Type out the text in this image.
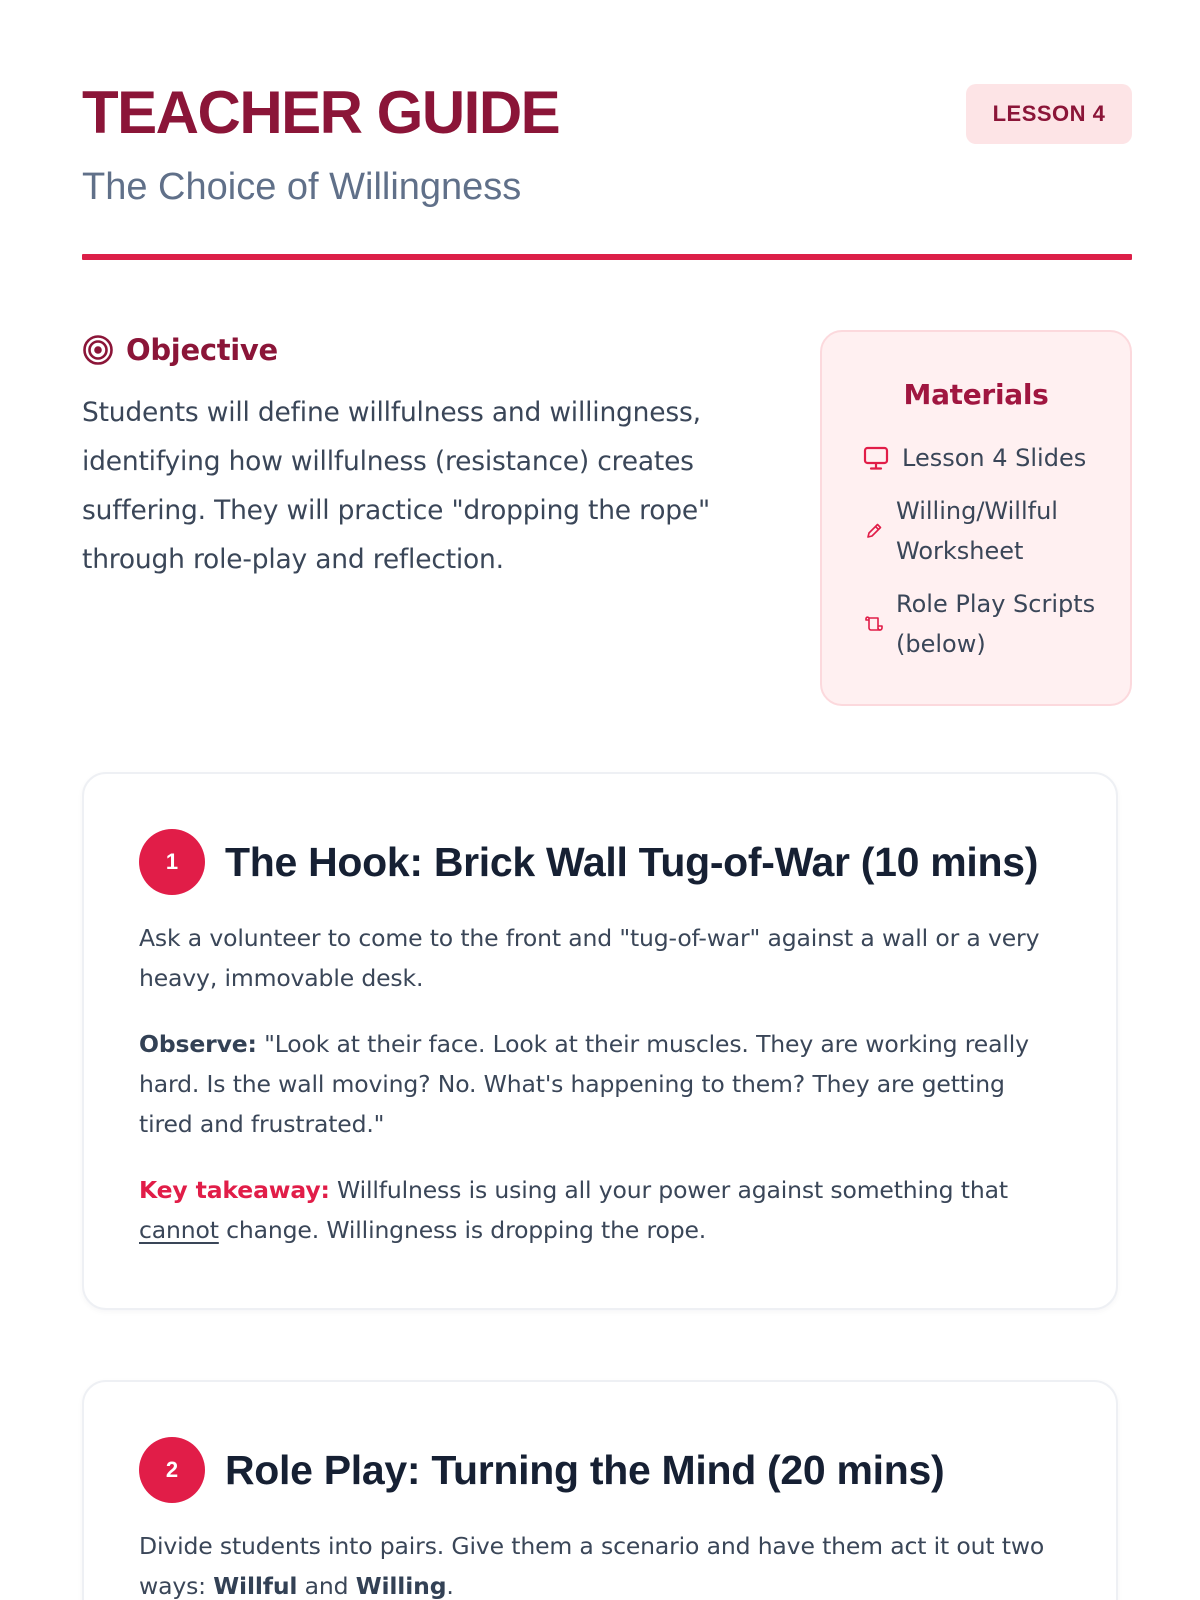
TEACHER GUIDE
The Choice of Willingness
LESSON 4
Objective

Students will define willfulness and willingness, identifying how willfulness (resistance) creates suffering. They will practice "dropping the rope" through role-play and reflection.

Materials
Lesson 4 Slides
Willing/Willful Worksheet
Role Play Scripts (below)
1	The Hook: Brick Wall Tug-of-War (10 mins)

Ask a volunteer to come to the front and "tug-of-war" against a wall or a very heavy, immovable desk.

Observe: "Look at their face. Look at their muscles. They are working really hard. Is the wall moving? No. What's happening to them? They are getting tired and frustrated."

Key takeaway: Willfulness is using all your power against something that cannot change. Willingness is dropping the rope.

2	Role Play: Turning the Mind (20 mins)

Divide students into pairs. Give them a scenario and have them act it out two ways: Willful and Willing.
